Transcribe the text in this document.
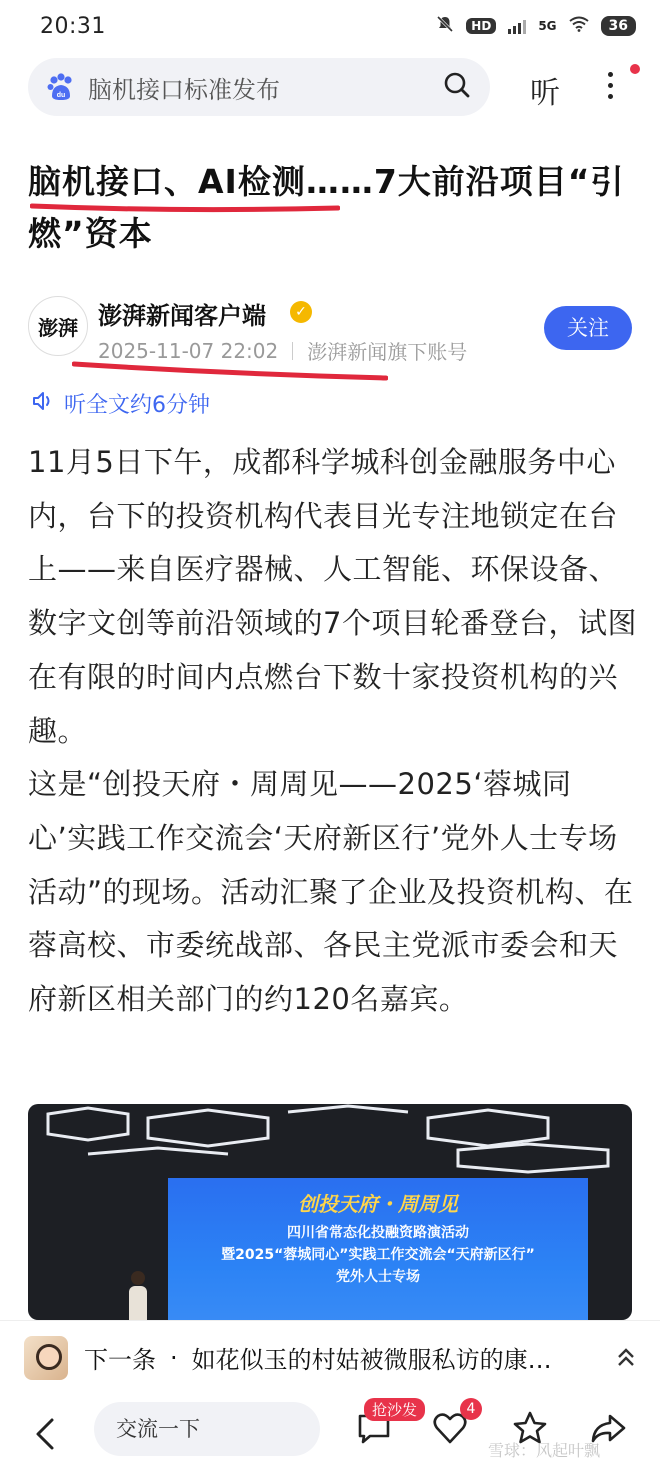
20:31	HD	5G	36
du 脑机接口标准发布	听
脑机接口、AI检测……7大前沿项目“引燃”资本
澎湃 澎湃新闻客户端	✓
2025-11-07 22:02 澎湃新闻旗下账号
关注
听全文约6分钟

11月5日下午，成都科学城科创金融服务中心内，台下的投资机构代表目光专注地锁定在台上——来自医疗器械、人工智能、环保设备、数字文创等前沿领域的7个项目轮番登台，试图在有限的时间内点燃台下数十家投资机构的兴趣。

这是“创投天府・周周见——2025‘蓉城同心’实践工作交流会‘天府新区行’党外人士专场活动”的现场。活动汇聚了企业及投资机构、在蓉高校、市委统战部、各民主党派市委会和天府新区相关部门的约120名嘉宾。

创投天府・周周见
四川省常态化投融资路演活动
暨2025“蓉城同心”实践工作交流会“天府新区行”
党外人士专场
下一条 · 如花似玉的村姑被微服私访的康…
交流一下
抢沙发	4
雪球：风起叶飘
